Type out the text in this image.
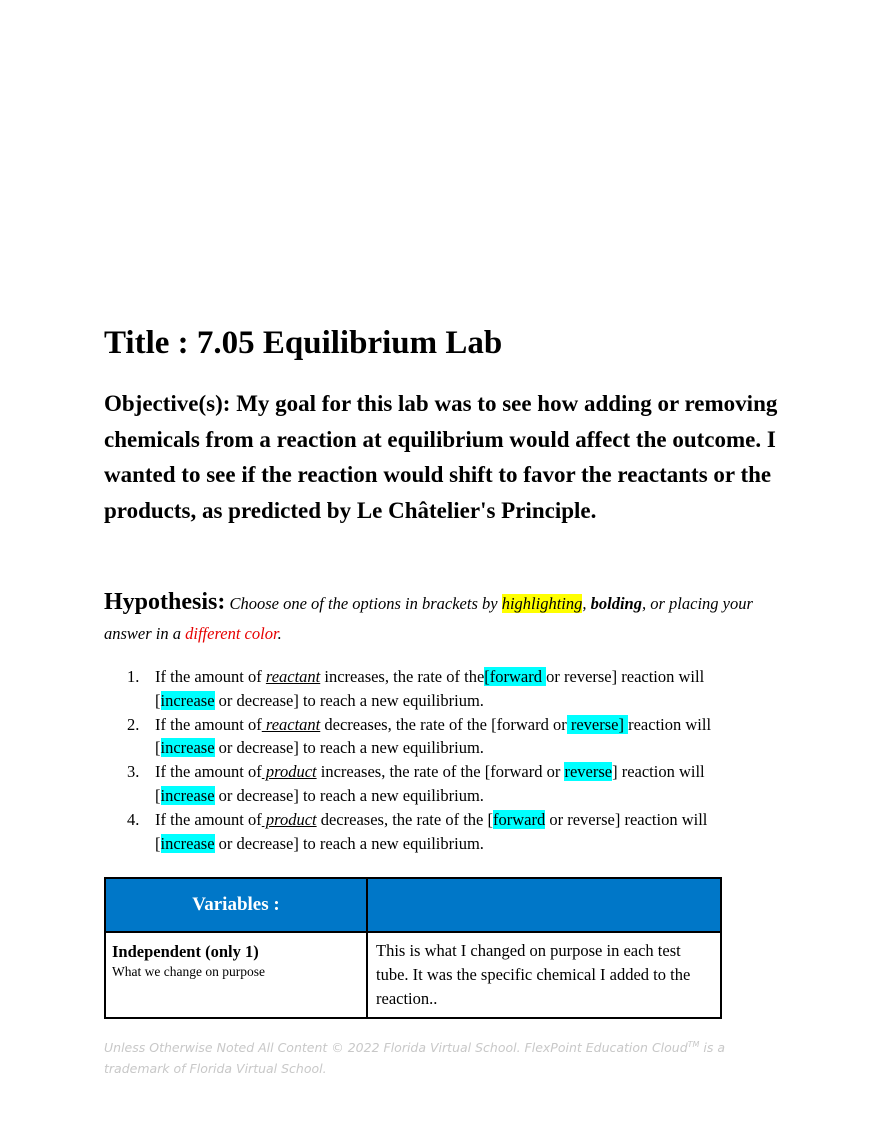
Title : 7.05 Equilibrium Lab

Objective(s): My goal for this lab was to see how adding or removing chemicals from a reaction at equilibrium would affect the outcome. I wanted to see if the reaction would shift to favor the reactants or the products, as predicted by Le Châtelier's Principle.

Hypothesis: Choose one of the options in brackets by highlighting, bolding, or placing your answer in a different color.
1. If the amount of reactant increases, the rate of the[forward or reverse] reaction will
[increase or decrease] to reach a new equilibrium.
2. If the amount of reactant decreases, the rate of the [forward or reverse] reaction will
[increase or decrease] to reach a new equilibrium.
3. If the amount of product increases, the rate of the [forward or reverse] reaction will
[increase or decrease] to reach a new equilibrium.
4. If the amount of product decreases, the rate of the [forward or reverse] reaction will
[increase or decrease] to reach a new equilibrium.
Variables :	

Independent (only 1)
What we change on purpose	This is what I changed on purpose in each test tube. It was the specific chemical I added to the reaction..
Unless Otherwise Noted All Content © 2022 Florida Virtual School. FlexPoint Education Cloud™ is a trademark of Florida Virtual School.
